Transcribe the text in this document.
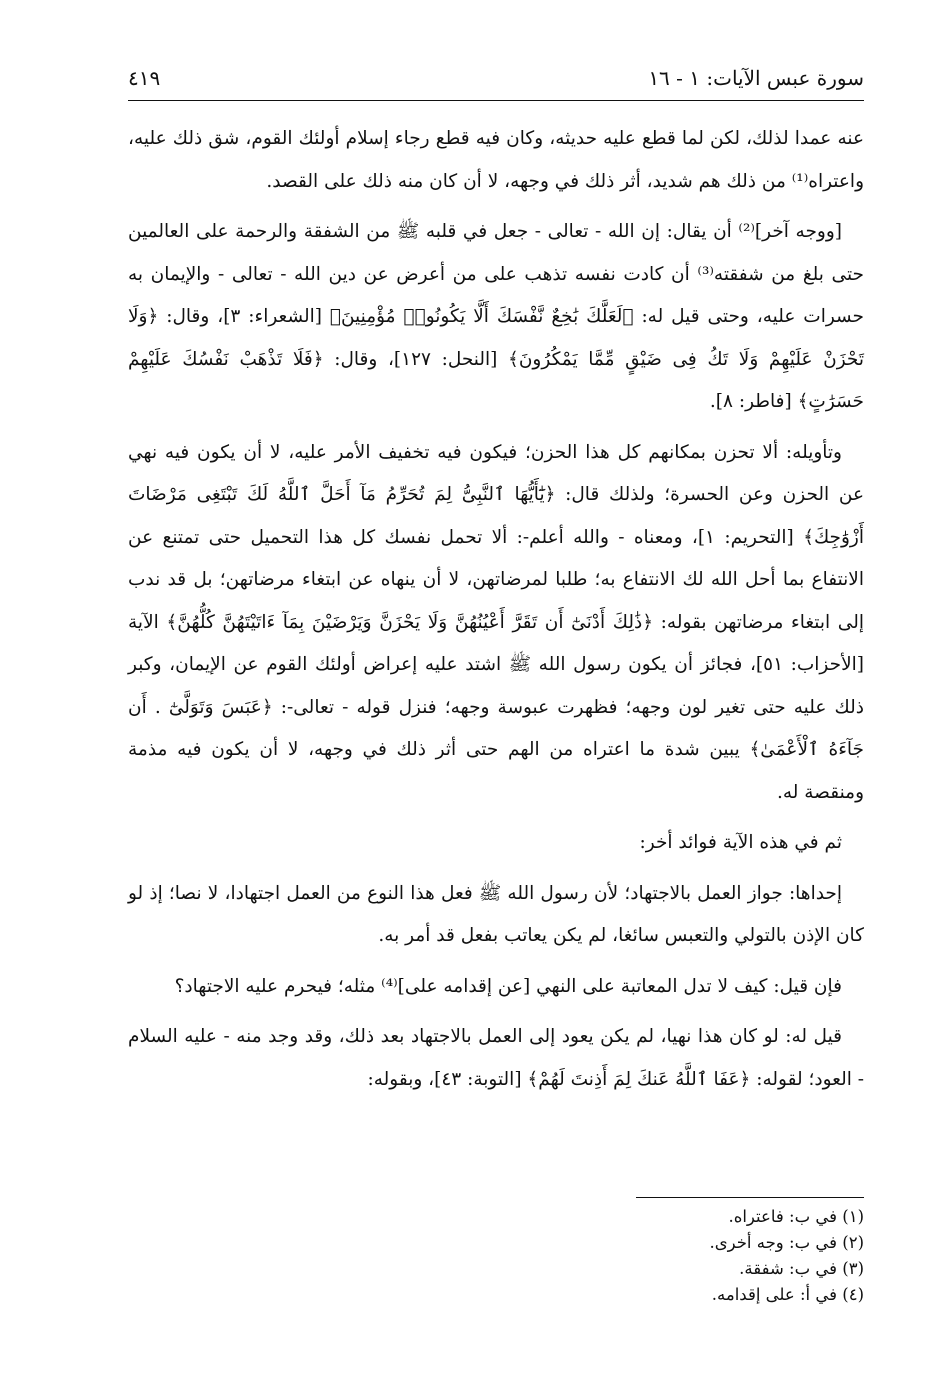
سورة عبس الآيات: ١ - ١٦
٤١٩

عنه عمدا لذلك، لكن لما قطع عليه حديثه، وكان فيه قطع رجاء إسلام أولئك القوم، شق ذلك عليه، واعتراه⁽¹⁾ من ذلك هم شديد، أثر ذلك في وجهه، لا أن كان منه ذلك على القصد.

[ووجه آخر]⁽²⁾ أن يقال: إن الله - تعالى - جعل في قلبه ﷺ من الشفقة والرحمة على العالمين حتى بلغ من شفقته⁽³⁾ أن كادت نفسه تذهب على من أعرض عن دين الله - تعالى - والإيمان به حسرات عليه، وحتى قيل له: ﴿لَعَلَّكَ بَٰخِعٌ نَّفْسَكَ أَلَّا يَكُونُوا۟ مُؤْمِنِينَ﴾ [الشعراء: ٣]، وقال: ﴿وَلَا تَحْزَنْ عَلَيْهِمْ وَلَا تَكُ فِى ضَيْقٍ مِّمَّا يَمْكُرُونَ﴾ [النحل: ١٢٧]، وقال: ﴿فَلَا تَذْهَبْ نَفْسُكَ عَلَيْهِمْ حَسَرَٰتٍ﴾ [فاطر: ٨].

وتأويله: ألا تحزن بمكانهم كل هذا الحزن؛ فيكون فيه تخفيف الأمر عليه، لا أن يكون فيه نهي عن الحزن وعن الحسرة؛ ولذلك قال: ﴿يَٰٓأَيُّهَا ٱلنَّبِىُّ لِمَ تُحَرِّمُ مَآ أَحَلَّ ٱللَّهُ لَكَ تَبْتَغِى مَرْضَاتَ أَزْوَٰجِكَ﴾ [التحريم: ١]، ومعناه - والله أعلم-: ألا تحمل نفسك كل هذا التحميل حتى تمتنع عن الانتفاع بما أحل الله لك الانتفاع به؛ طلبا لمرضاتهن، لا أن ينهاه عن ابتغاء مرضاتهن؛ بل قد ندب إلى ابتغاء مرضاتهن بقوله: ﴿ذَٰلِكَ أَدْنَىٰٓ أَن تَقَرَّ أَعْيُنُهُنَّ وَلَا يَحْزَنَّ وَيَرْضَيْنَ بِمَآ ءَاتَيْتَهُنَّ كُلُّهُنَّ﴾ الآية [الأحزاب: ٥١]، فجائز أن يكون رسول الله ﷺ اشتد عليه إعراض أولئك القوم عن الإيمان، وكبر ذلك عليه حتى تغير لون وجهه؛ فظهرت عبوسة وجهه؛ فنزل قوله - تعالى-: ﴿عَبَسَ وَتَوَلَّىٰٓ . أَن جَآءَهُ ٱلْأَعْمَىٰ﴾ يبين شدة ما اعتراه من الهم حتى أثر ذلك في وجهه، لا أن يكون فيه مذمة ومنقصة له.

ثم في هذه الآية فوائد أخر:

إحداها: جواز العمل بالاجتهاد؛ لأن رسول الله ﷺ فعل هذا النوع من العمل اجتهادا، لا نصا؛ إذ لو كان الإذن بالتولي والتعبس سائغا، لم يكن يعاتب بفعل قد أمر به.

فإن قيل: كيف لا تدل المعاتبة على النهي [عن إقدامه على]⁽⁴⁾ مثله؛ فيحرم عليه الاجتهاد؟

قيل له: لو كان هذا نهيا، لم يكن يعود إلى العمل بالاجتهاد بعد ذلك، وقد وجد منه - عليه السلام - العود؛ لقوله: ﴿عَفَا ٱللَّهُ عَنكَ لِمَ أَذِنتَ لَهُمْ﴾ [التوبة: ٤٣]، وبقوله:

(١) في ب: فاعتراه.
(٢) في ب: وجه أخرى.
(٣) في ب: شفقة.
(٤) في أ: على إقدامه.
